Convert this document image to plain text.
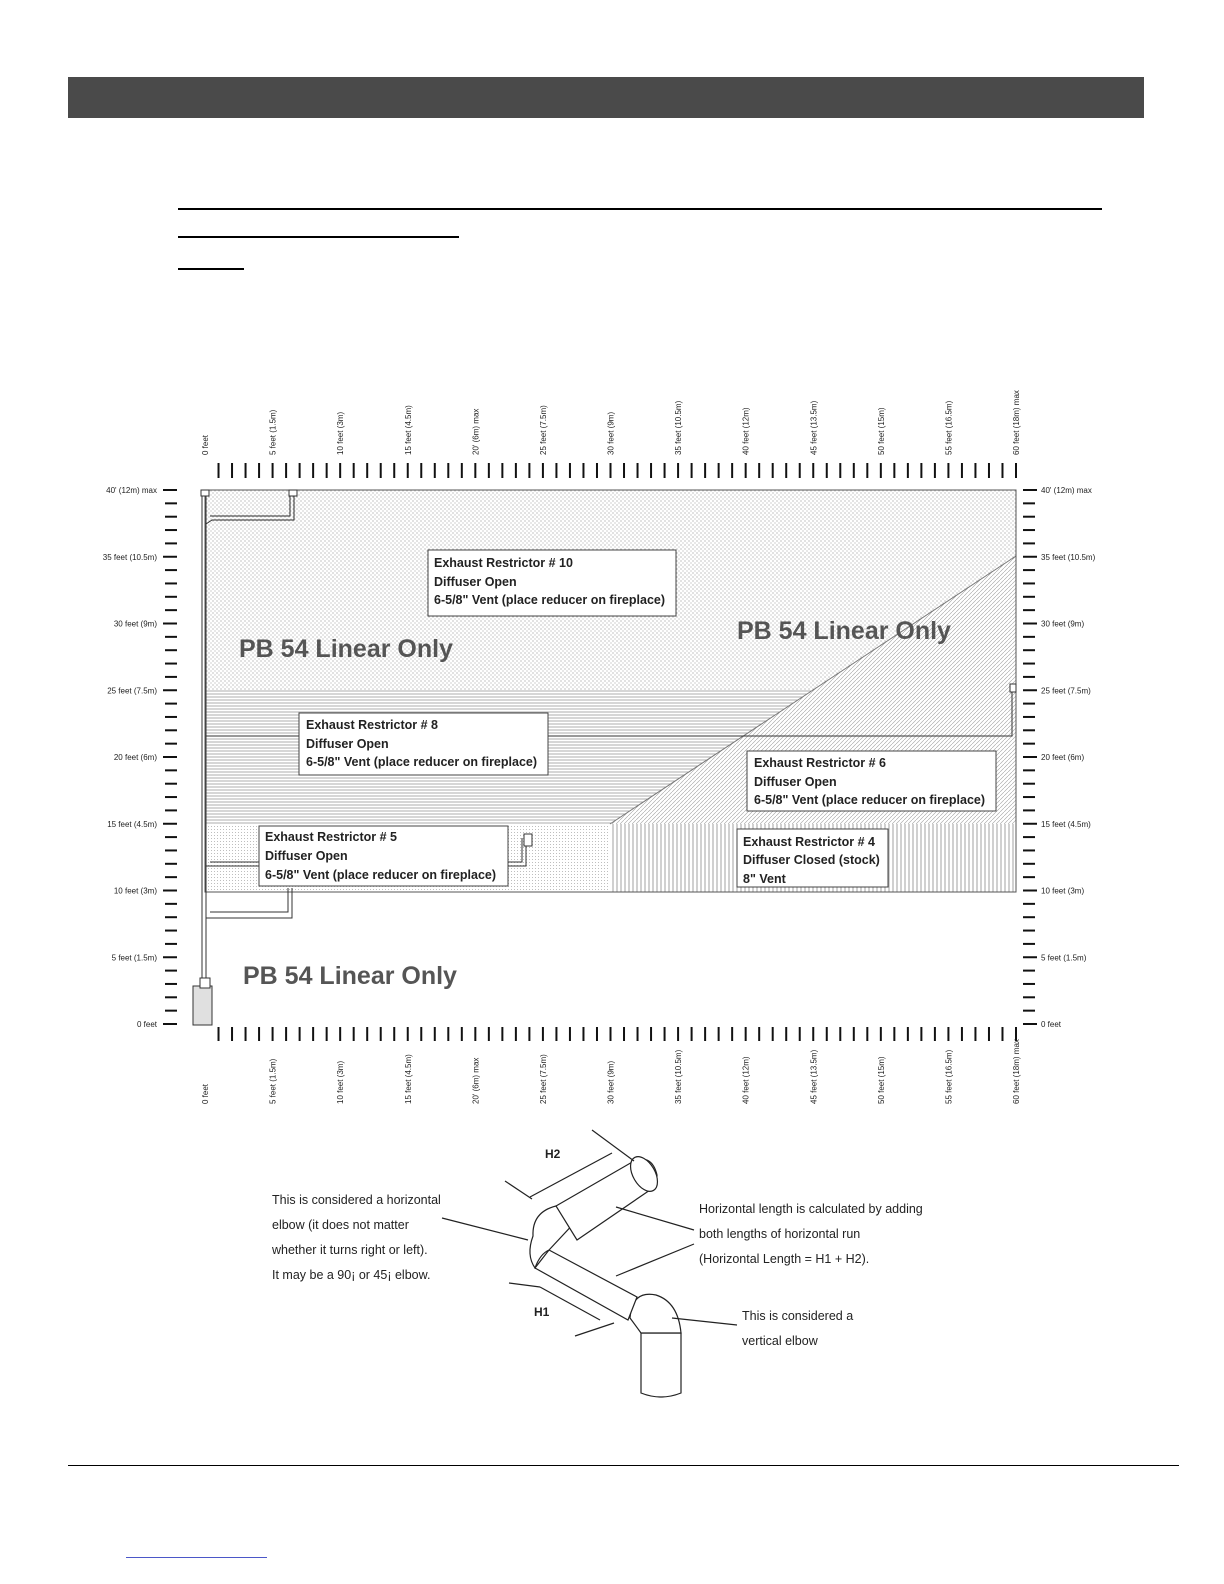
0 feet	5 feet (1.5m)	10 feet (3m)	15 feet (4.5m)	20' (6m) max	25 feet (7.5m)	30 feet (9m)	35 feet (10.5m)	40 feet (12m)	45 feet (13.5m)	50 feet (15m)	55 feet (16.5m)	60 feet (18m) max
0 feet	5 feet (1.5m)	10 feet (3m)	15 feet (4.5m)	20' (6m) max	25 feet (7.5m)	30 feet (9m)	35 feet (10.5m)	40 feet (12m)	45 feet (13.5m)	50 feet (15m)	55 feet (16.5m)	60 feet (18m) max
0 feet
5 feet (1.5m)
10 feet (3m)
15 feet (4.5m)
20 feet (6m)
25 feet (7.5m)
30 feet (9m)
35 feet (10.5m)
40' (12m) max
0 feet
5 feet (1.5m)
10 feet (3m)
15 feet (4.5m)
20 feet (6m)
25 feet (7.5m)
30 feet (9m)
35 feet (10.5m)
40' (12m) max
Exhaust Restrictor # 10
Diffuser Open
6-5/8" Vent (place reducer on fireplace)
Exhaust Restrictor # 8
Diffuser Open
6-5/8" Vent (place reducer on fireplace)	Exhaust Restrictor # 6
Diffuser Open
6-5/8" Vent (place reducer on fireplace)
Exhaust Restrictor # 5
Diffuser Open
6-5/8" Vent (place reducer on fireplace)
Exhaust Restrictor # 4
Diffuser Closed (stock)
8" Vent
PB 54 Linear Only
PB 54 Linear Only
PB 54 Linear Only
H2
H1
This is considered a horizontal
elbow (it does not matter
whether it turns right or left).
It may be a 90¡ or 45¡ elbow.
Horizontal length is calculated by adding
both lengths of horizontal run
(Horizontal Length = H1 + H2).
This is considered a
vertical elbow
